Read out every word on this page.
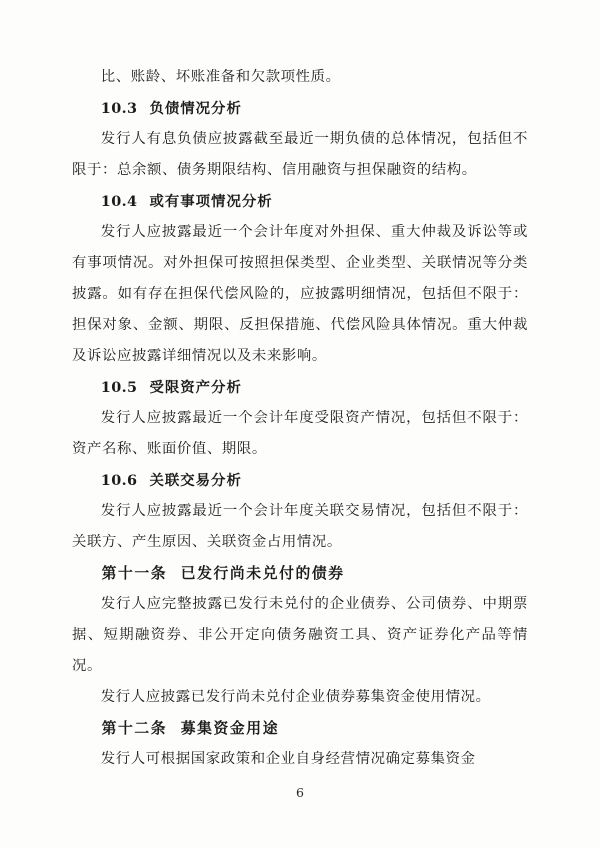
比、账龄、坏账准备和欠款项性质。

10.3 负债情况分析

发行人有息负债应披露截至最近一期负债的总体情况，包括但不限于：总余额、债务期限结构、信用融资与担保融资的结构。

10.4 或有事项情况分析

发行人应披露最近一个会计年度对外担保、重大仲裁及诉讼等或有事项情况。对外担保可按照担保类型、企业类型、关联情况等分类披露。如有存在担保代偿风险的，应披露明细情况，包括但不限于：担保对象、金额、期限、反担保措施、代偿风险具体情况。重大仲裁及诉讼应披露详细情况以及未来影响。

10.5 受限资产分析

发行人应披露最近一个会计年度受限资产情况，包括但不限于：资产名称、账面价值、期限。

10.6 关联交易分析

发行人应披露最近一个会计年度关联交易情况，包括但不限于：关联方、产生原因、关联资金占用情况。

第十一条 已发行尚未兑付的债券

发行人应完整披露已发行未兑付的企业债券、公司债券、中期票据、短期融资券、非公开定向债务融资工具、资产证券化产品等情况。

发行人应披露已发行尚未兑付企业债券募集资金使用情况。

第十二条 募集资金用途

发行人可根据国家政策和企业自身经营情况确定募集资金

6
